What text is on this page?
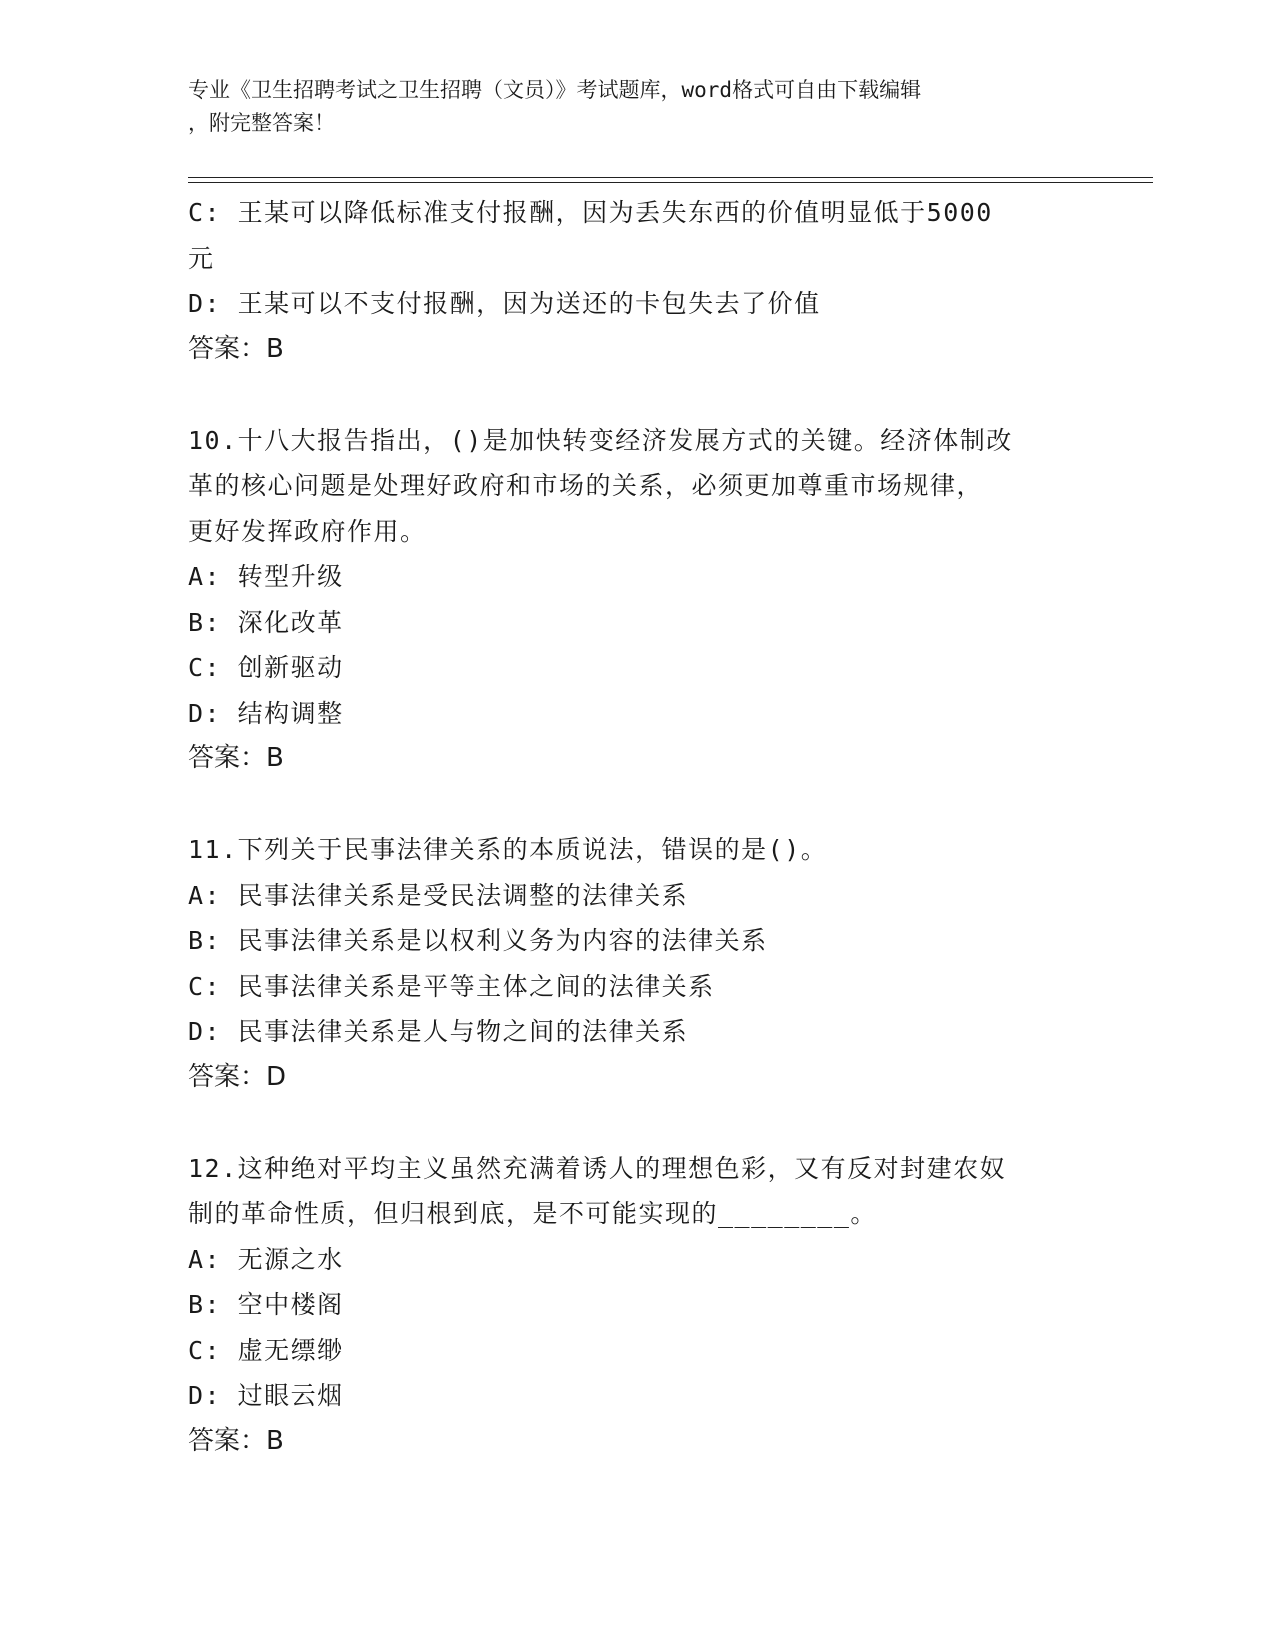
专业《卫生招聘考试之卫生招聘（文员）》考试题库，word格式可自由下载编辑
，附完整答案！
C: 王某可以降低标准支付报酬，因为丢失东西的价值明显低于5000
元
D: 王某可以不支付报酬，因为送还的卡包失去了价值
答案：B
10.十八大报告指出，()是加快转变经济发展方式的关键。经济体制改
革的核心问题是处理好政府和市场的关系，必须更加尊重市场规律，
更好发挥政府作用。
A: 转型升级
B: 深化改革
C: 创新驱动
D: 结构调整
答案：B
11.下列关于民事法律关系的本质说法，错误的是()。
A: 民事法律关系是受民法调整的法律关系
B: 民事法律关系是以权利义务为内容的法律关系
C: 民事法律关系是平等主体之间的法律关系
D: 民事法律关系是人与物之间的法律关系
答案：D
12.这种绝对平均主义虽然充满着诱人的理想色彩，又有反对封建农奴
制的革命性质，但归根到底，是不可能实现的________。
A: 无源之水
B: 空中楼阁
C: 虚无缥缈
D: 过眼云烟
答案：B
